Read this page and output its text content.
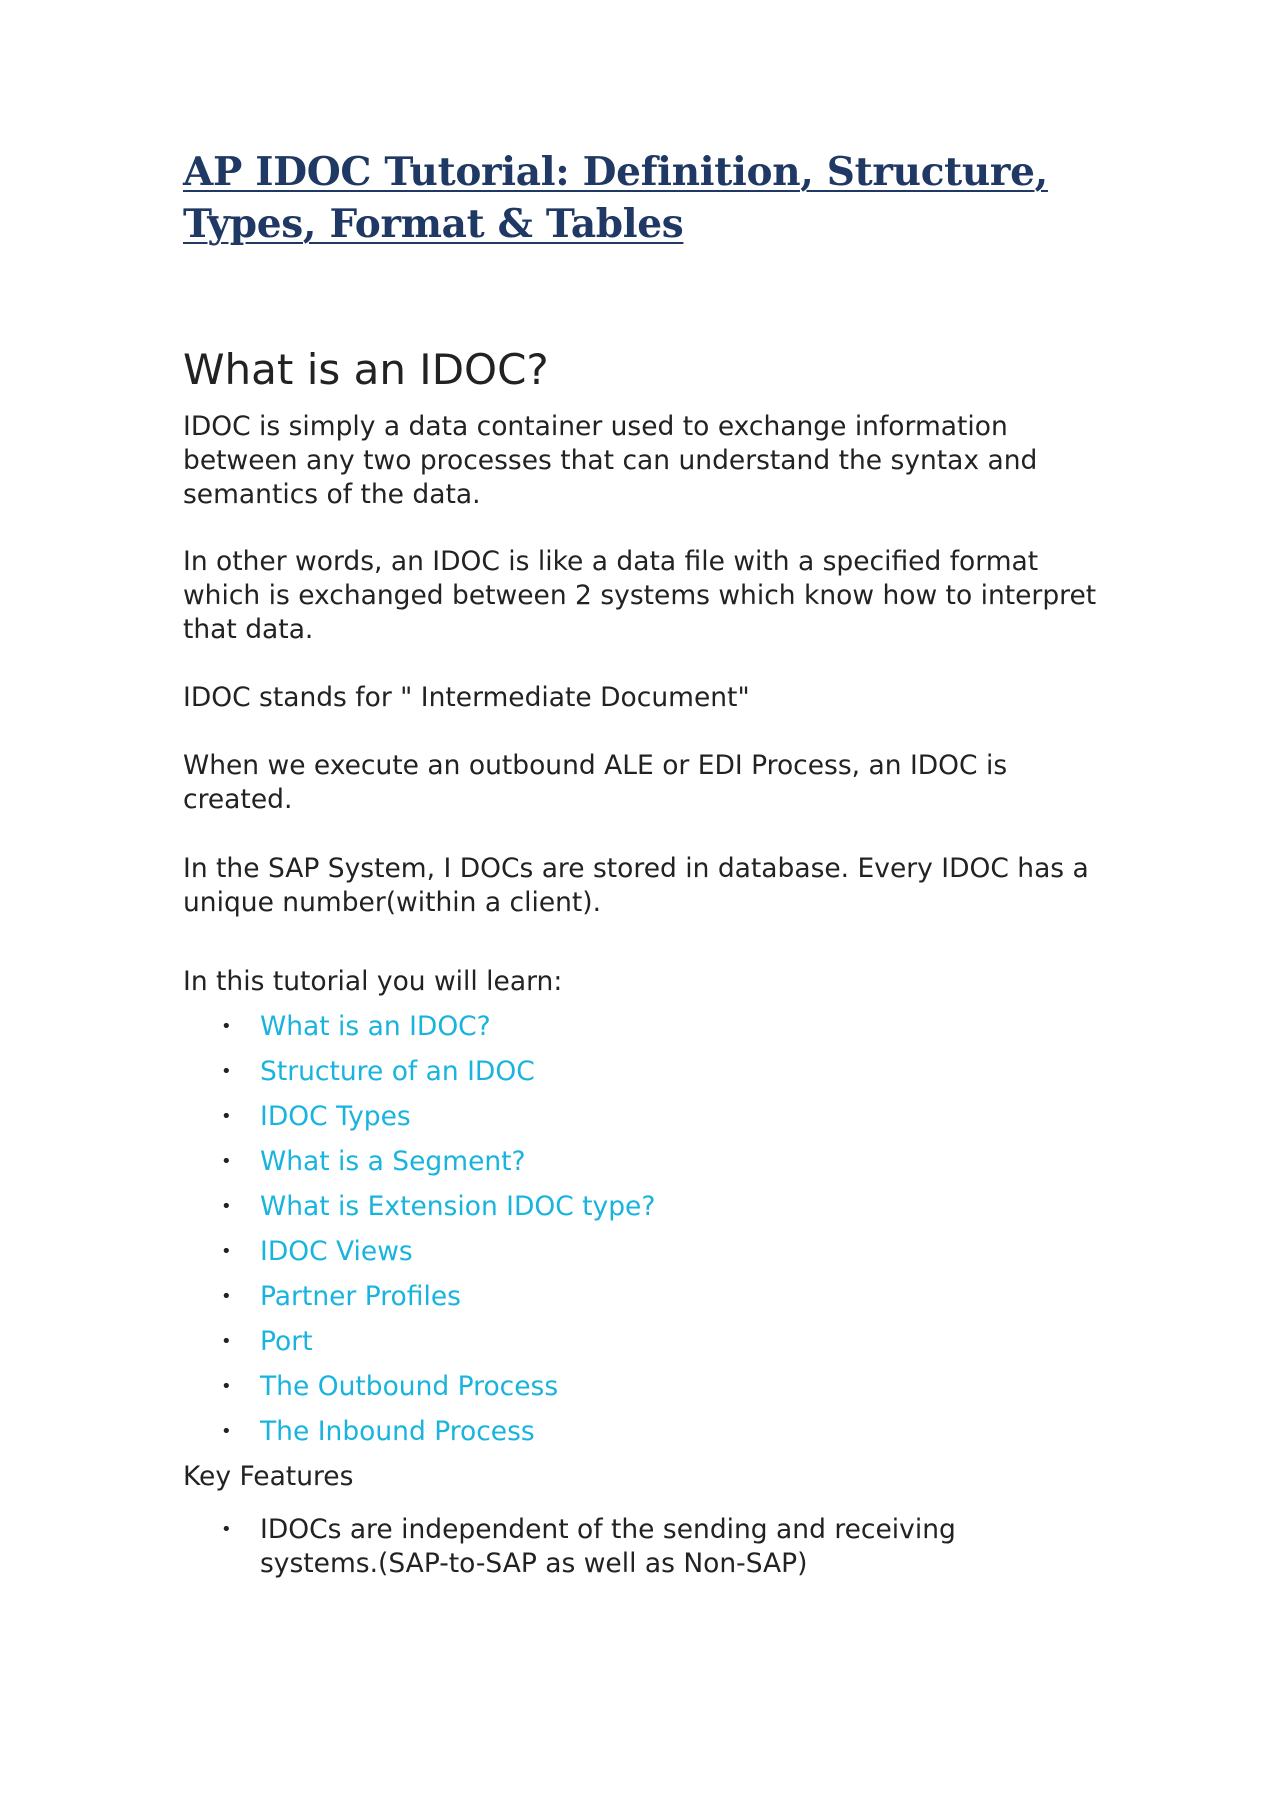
AP IDOC Tutorial: Definition, Structure, Types, Format & Tables
What is an IDOC?

IDOC is simply a data container used to exchange information between any two processes that can understand the syntax and semantics of the data.

In other words, an IDOC is like a data file with a specified format which is exchanged between 2 systems which know how to interpret that data.

IDOC stands for " Intermediate Document"

When we execute an outbound ALE or EDI Process, an IDOC is created.

In the SAP System, I DOCs are stored in database. Every IDOC has a unique number(within a client).

In this tutorial you will learn:

• What is an IDOC?
• Structure of an IDOC
• IDOC Types
• What is a Segment?
• What is Extension IDOC type?
• IDOC Views
• Partner Profiles
• Port
• The Outbound Process
• The Inbound Process

Key Features

• IDOCs are independent of the sending and receiving systems.(SAP-to-SAP as well as Non-SAP)
